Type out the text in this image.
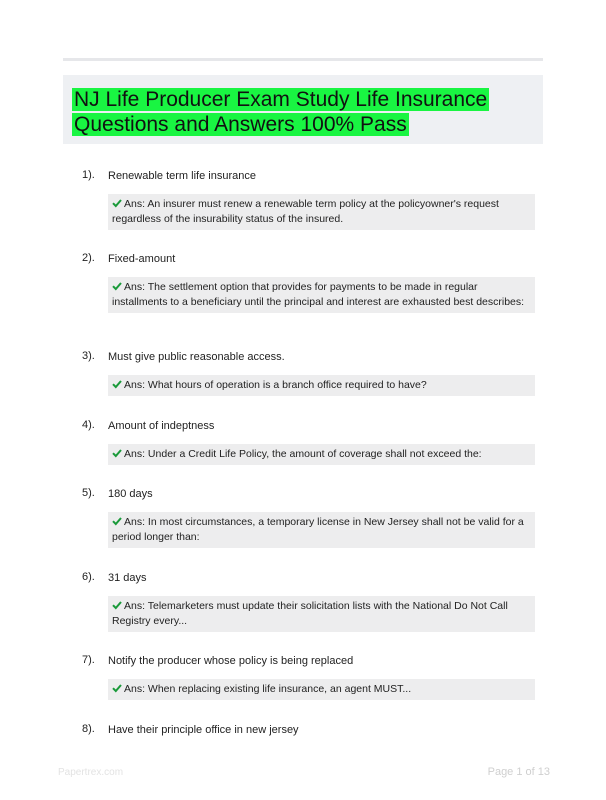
NJ Life Producer Exam Study Life Insurance Questions and Answers 100% Pass
1). Renewable term life insurance
Ans: An insurer must renew a renewable term policy at the policyowner's request regardless of the insurability status of the insured.
2). Fixed-amount
Ans: The settlement option that provides for payments to be made in regular installments to a beneficiary until the principal and interest are exhausted best describes:
3). Must give public reasonable access.
Ans: What hours of operation is a branch office required to have?
4). Amount of indeptness
Ans: Under a Credit Life Policy, the amount of coverage shall not exceed the:
5). 180 days
Ans: In most circumstances, a temporary license in New Jersey shall not be valid for a period longer than:
6). 31 days
Ans: Telemarketers must update their solicitation lists with the National Do Not Call Registry every...
7). Notify the producer whose policy is being replaced
Ans: When replacing existing life insurance, an agent MUST...
8). Have their principle office in new jersey
Papertrex.com	Page 1 of 13
